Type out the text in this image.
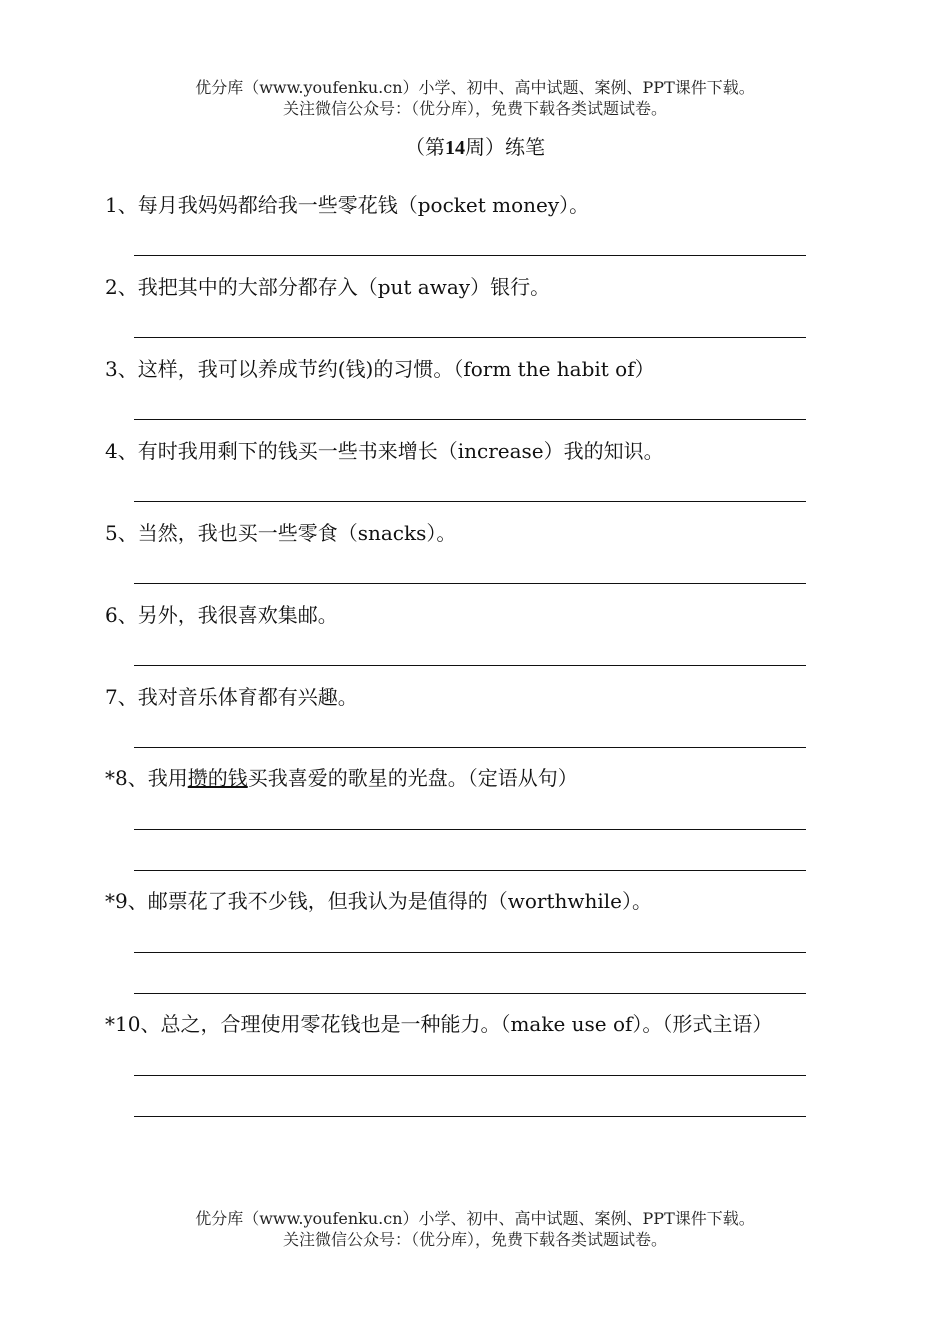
优分库（www.youfenku.cn）小学、初中、高中试题、案例、PPT课件下载。
关注微信公众号：（优分库），免费下载各类试题试卷。
（第14周）练笔
1、每月我妈妈都给我一些零花钱（pocket money）。
2、我把其中的大部分都存入（put away）银行。
3、这样，我可以养成节约(钱)的习惯。（form the habit of）
4、有时我用剩下的钱买一些书来增长（increase）我的知识。
5、当然，我也买一些零食（snacks）。
6、另外，我很喜欢集邮。
7、我对音乐体育都有兴趣。
*8、我用攒的钱买我喜爱的歌星的光盘。（定语从句）
*9、邮票花了我不少钱，但我认为是值得的（worthwhile）。
*10、总之，合理使用零花钱也是一种能力。（make use of）。（形式主语）
优分库（www.youfenku.cn）小学、初中、高中试题、案例、PPT课件下载。
关注微信公众号：（优分库），免费下载各类试题试卷。
